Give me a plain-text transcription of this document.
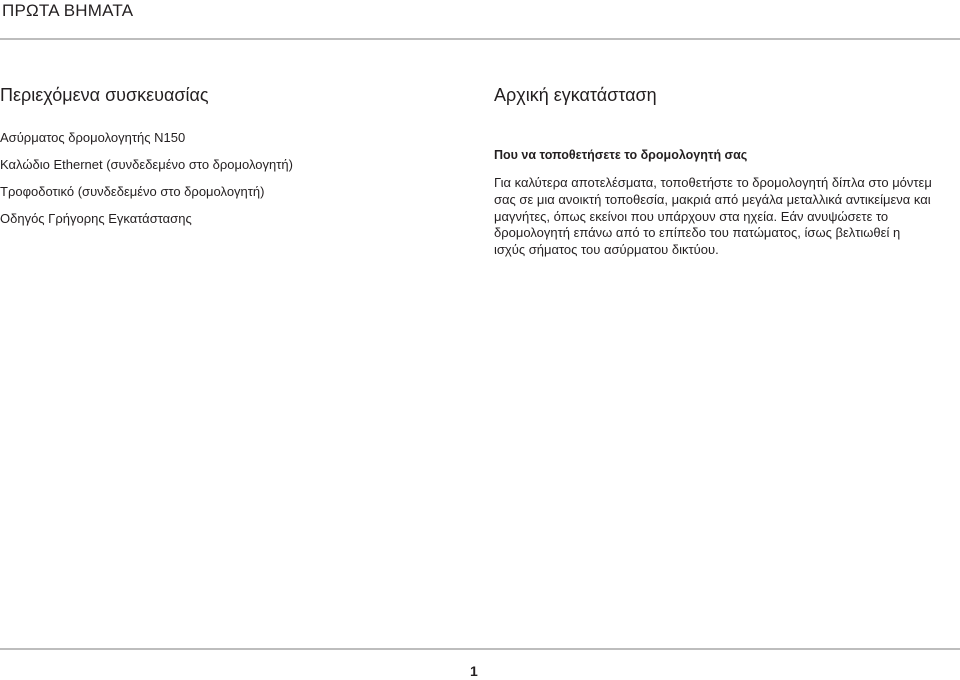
ΠΡΩΤΑ ΒΗΜΑΤΑ
Περιεχόμενα συσκευασίας
Ασύρματος δρομολογητής N150
Καλώδιο Ethernet (συνδεδεμένο στο δρομολογητή)
Τροφοδοτικό (συνδεδεμένο στο δρομολογητή)
Οδηγός Γρήγορης Εγκατάστασης
Αρχική εγκατάσταση
Που να τοποθετήσετε το δρομολογητή σας

Για καλύτερα αποτελέσματα, τοποθετήστε το δρομολογητή δίπλα στο μόντεμ σας σε μια ανοικτή τοποθεσία, μακριά από μεγάλα μεταλλικά αντικείμενα και μαγνήτες, όπως εκείνοι που υπάρχουν στα ηχεία. Εάν ανυψώσετε το δρομολογητή επάνω από το επίπεδο του πατώματος, ίσως βελτιωθεί η ισχύς σήματος του ασύρματου δικτύου.

1
